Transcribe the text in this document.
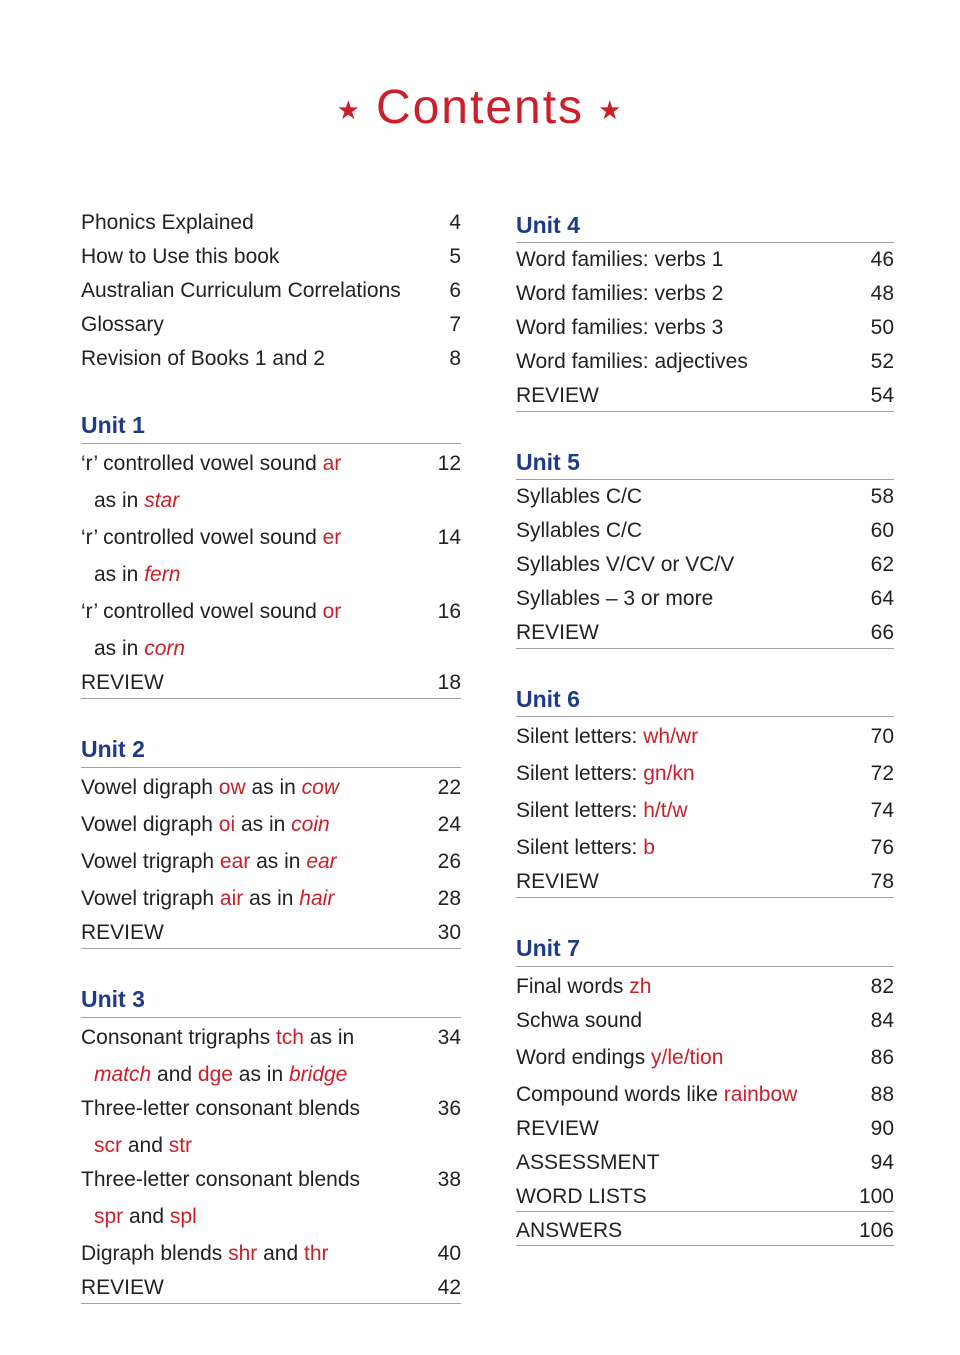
★ Contents ★
Phonics Explained	4
How to Use this book	5
Australian Curriculum Correlations 6
Glossary	7
Revision of Books 1 and 2	8
Unit 1
‘r’ controlled vowel sound ar	12
as in star
‘r’ controlled vowel sound er	14
as in fern
‘r’ controlled vowel sound or	16
as in corn
REVIEW	18
Unit 2
Vowel digraph ow as in cow	22
Vowel digraph oi as in coin	24
Vowel trigraph ear as in ear	26
Vowel trigraph air as in hair	28
REVIEW	30
Unit 3
Consonant trigraphs tch as in	34
match and dge as in bridge
Three-letter consonant blends	36
scr and str
Three-letter consonant blends	38
spr and spl
Digraph blends shr and thr	40
REVIEW	42
Unit 4
Word families: verbs 1	46
Word families: verbs 2	48
Word families: verbs 3	50
Word families: adjectives	52
REVIEW	54
Unit 5
Syllables C/C	58
Syllables C/C	60
Syllables V/CV or VC/V	62
Syllables – 3 or more	64
REVIEW	66
Unit 6
Silent letters: wh/wr	70
Silent letters: gn/kn	72
Silent letters: h/t/w	74
Silent letters: b	76
REVIEW	78
Unit 7
Final words zh	82
Schwa sound	84
Word endings y/le/tion	86
Compound words like rainbow	88
REVIEW	90
ASSESSMENT	94
WORD LISTS	100
ANSWERS	106
